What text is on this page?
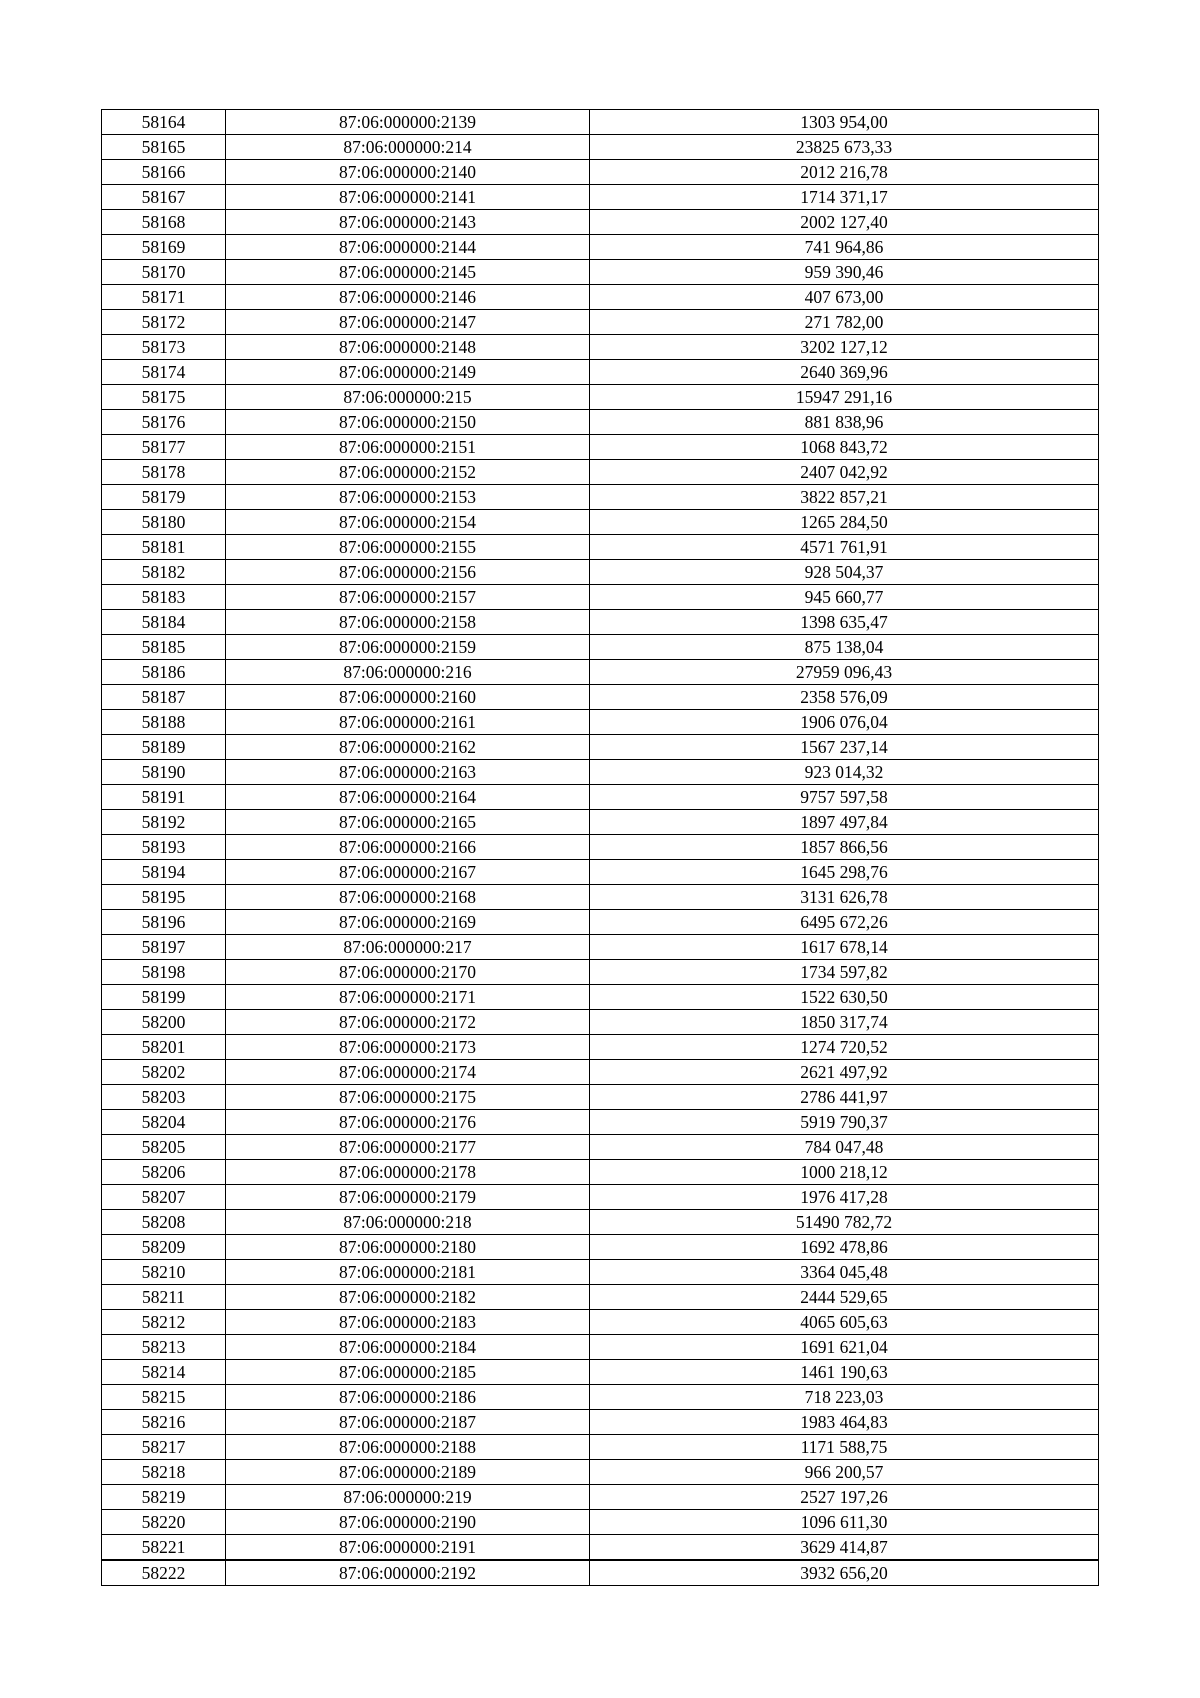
58164	87:06:000000:2139	1303 954,00
58165	87:06:000000:214	23825 673,33
58166	87:06:000000:2140	2012 216,78
58167	87:06:000000:2141	1714 371,17
58168	87:06:000000:2143	2002 127,40
58169	87:06:000000:2144	741 964,86
58170	87:06:000000:2145	959 390,46
58171	87:06:000000:2146	407 673,00
58172	87:06:000000:2147	271 782,00
58173	87:06:000000:2148	3202 127,12
58174	87:06:000000:2149	2640 369,96
58175	87:06:000000:215	15947 291,16
58176	87:06:000000:2150	881 838,96
58177	87:06:000000:2151	1068 843,72
58178	87:06:000000:2152	2407 042,92
58179	87:06:000000:2153	3822 857,21
58180	87:06:000000:2154	1265 284,50
58181	87:06:000000:2155	4571 761,91
58182	87:06:000000:2156	928 504,37
58183	87:06:000000:2157	945 660,77
58184	87:06:000000:2158	1398 635,47
58185	87:06:000000:2159	875 138,04
58186	87:06:000000:216	27959 096,43
58187	87:06:000000:2160	2358 576,09
58188	87:06:000000:2161	1906 076,04
58189	87:06:000000:2162	1567 237,14
58190	87:06:000000:2163	923 014,32
58191	87:06:000000:2164	9757 597,58
58192	87:06:000000:2165	1897 497,84
58193	87:06:000000:2166	1857 866,56
58194	87:06:000000:2167	1645 298,76
58195	87:06:000000:2168	3131 626,78
58196	87:06:000000:2169	6495 672,26
58197	87:06:000000:217	1617 678,14
58198	87:06:000000:2170	1734 597,82
58199	87:06:000000:2171	1522 630,50
58200	87:06:000000:2172	1850 317,74
58201	87:06:000000:2173	1274 720,52
58202	87:06:000000:2174	2621 497,92
58203	87:06:000000:2175	2786 441,97
58204	87:06:000000:2176	5919 790,37
58205	87:06:000000:2177	784 047,48
58206	87:06:000000:2178	1000 218,12
58207	87:06:000000:2179	1976 417,28
58208	87:06:000000:218	51490 782,72
58209	87:06:000000:2180	1692 478,86
58210	87:06:000000:2181	3364 045,48
58211	87:06:000000:2182	2444 529,65
58212	87:06:000000:2183	4065 605,63
58213	87:06:000000:2184	1691 621,04
58214	87:06:000000:2185	1461 190,63
58215	87:06:000000:2186	718 223,03
58216	87:06:000000:2187	1983 464,83
58217	87:06:000000:2188	1171 588,75
58218	87:06:000000:2189	966 200,57
58219	87:06:000000:219	2527 197,26
58220	87:06:000000:2190	1096 611,30
58221	87:06:000000:2191	3629 414,87
58222	87:06:000000:2192	3932 656,20
